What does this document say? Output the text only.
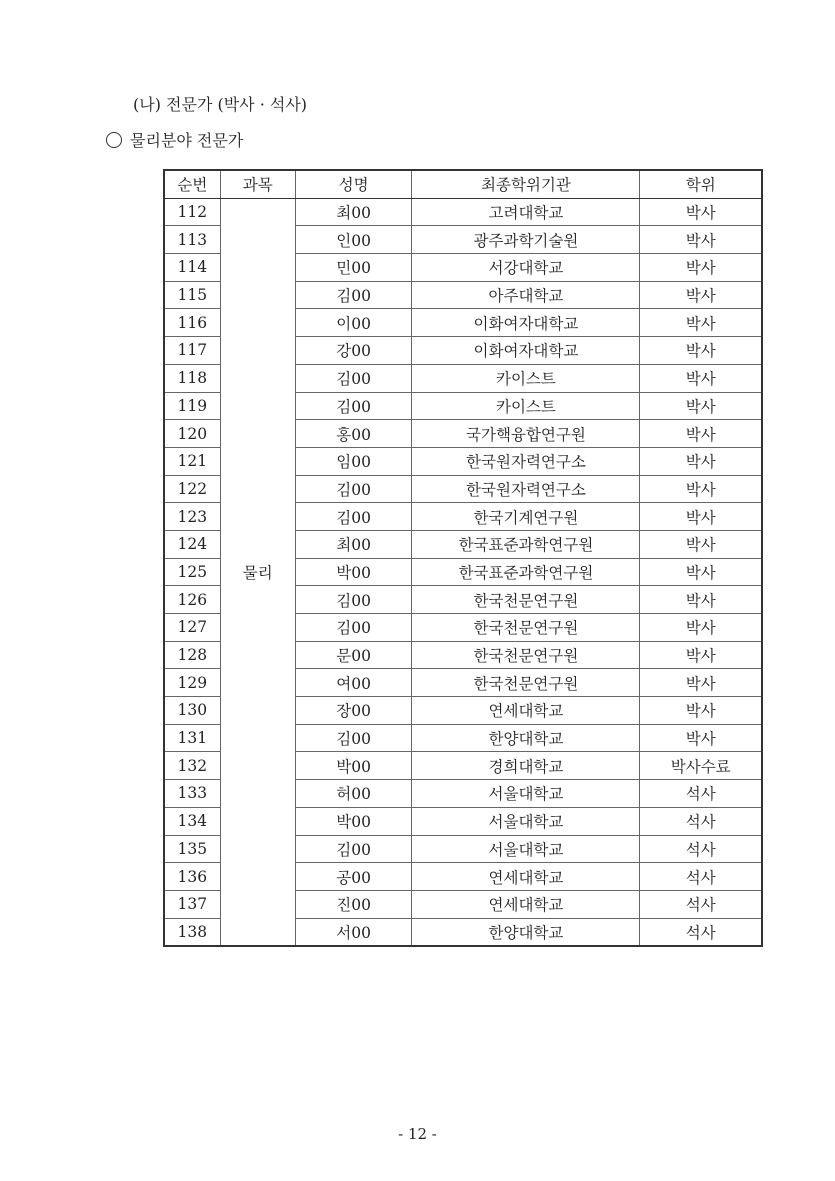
(나) 전문가 (박사 · 석사)
물리분야 전문가
순번	과목	성명	최종학위기관	학위
112	물리	최00	고려대학교	박사
113		인00	광주과학기술원	박사
114		민00	서강대학교	박사
115		김00	아주대학교	박사
116		이00	이화여자대학교	박사
117		강00	이화여자대학교	박사
118		김00	카이스트	박사
119		김00	카이스트	박사
120		홍00	국가핵융합연구원	박사
121		임00	한국원자력연구소	박사
122		김00	한국원자력연구소	박사
123		김00	한국기계연구원	박사
124		최00	한국표준과학연구원	박사
125		박00	한국표준과학연구원	박사
126		김00	한국천문연구원	박사
127		김00	한국천문연구원	박사
128		문00	한국천문연구원	박사
129		여00	한국천문연구원	박사
130		장00	연세대학교	박사
131		김00	한양대학교	박사
132		박00	경희대학교	박사수료
133		허00	서울대학교	석사
134		박00	서울대학교	석사
135		김00	서울대학교	석사
136		공00	연세대학교	석사
137		진00	연세대학교	석사
138		서00	한양대학교	석사
- 12 -
